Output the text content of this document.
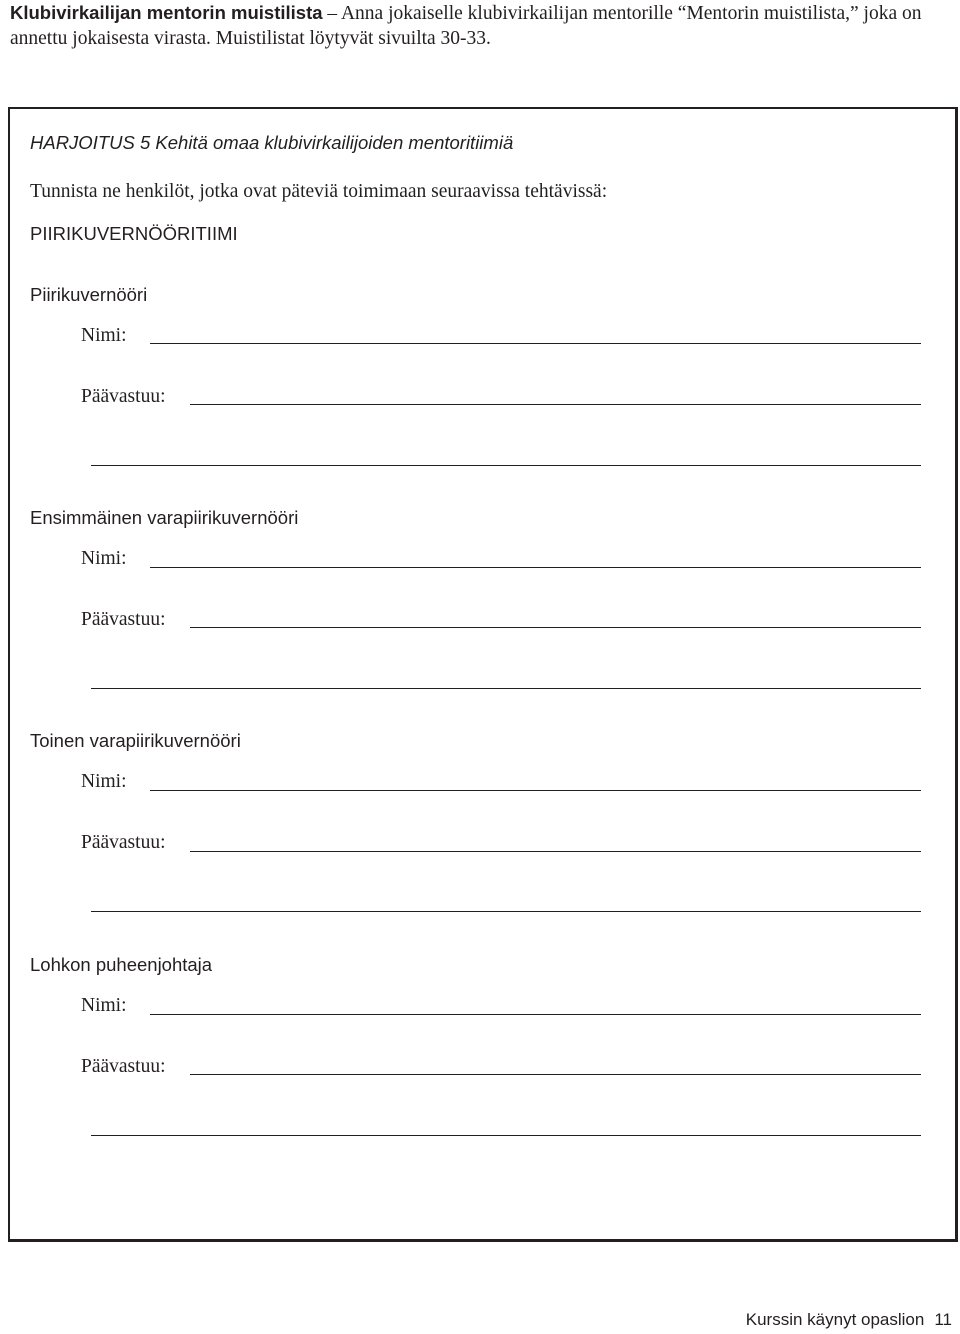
Klubivirkailijan mentorin muistilista – Anna jokaiselle klubivirkailijan mentorille “Mentorin muistilista,” joka on annettu jokaisesta virasta. Muistilistat löytyvät sivuilta 30-33.
HARJOITUS 5 Kehitä omaa klubivirkailijoiden mentoritiimiä
Tunnista ne henkilöt, jotka ovat päteviä toimimaan seuraavissa tehtävissä:
PIIRIKUVERNÖÖRITIIMI
Piirikuvernööri
Nimi:
Päävastuu:
Ensimmäinen varapiirikuvernööri
Nimi:
Päävastuu:
Toinen varapiirikuvernööri
Nimi:
Päävastuu:
Lohkon puheenjohtaja
Nimi:
Päävastuu:
Kurssin käynyt opaslion 11
